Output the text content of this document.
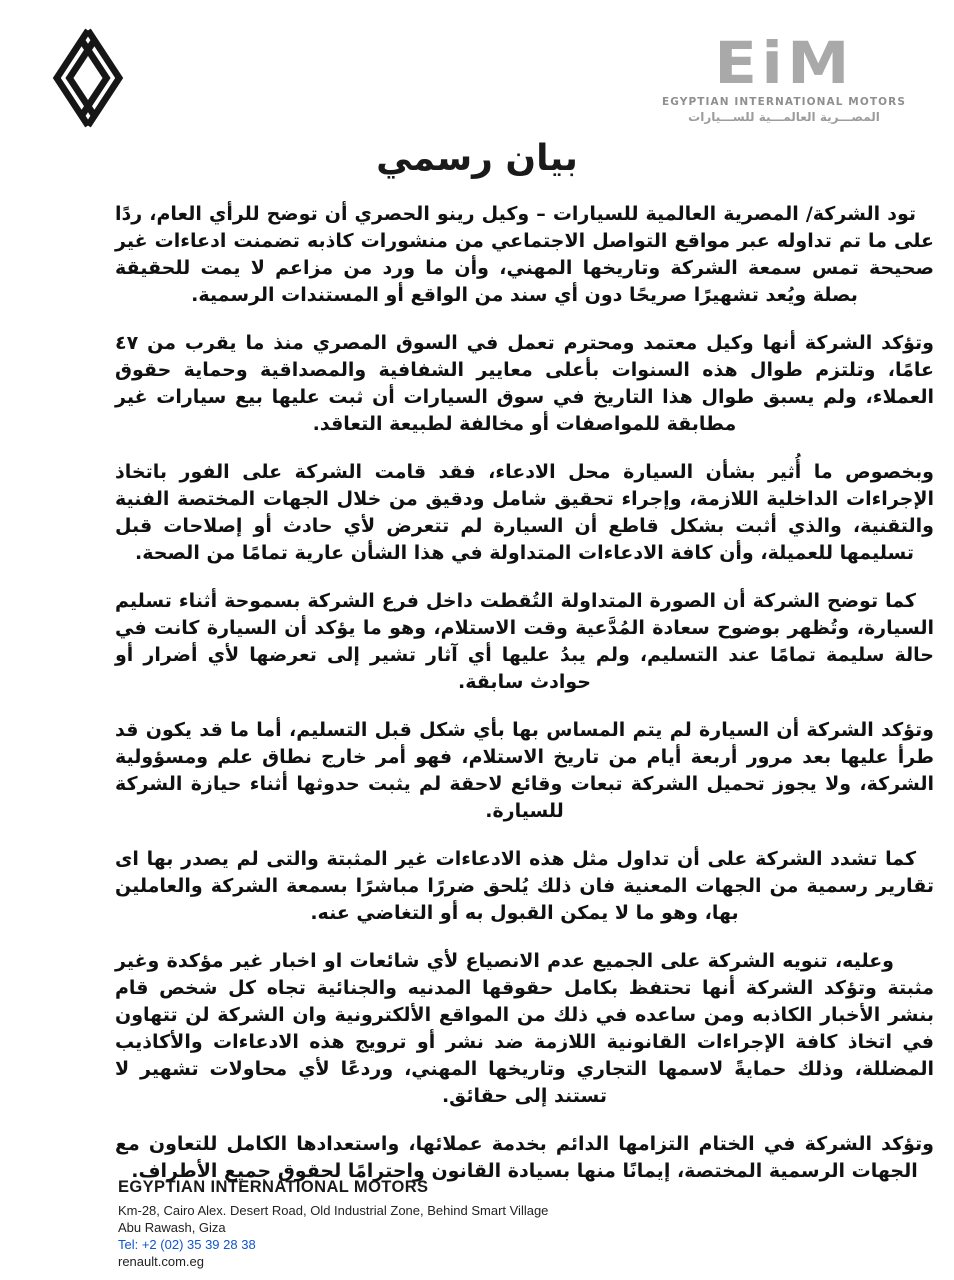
EiM
EGYPTIAN INTERNATIONAL MOTORS
المصـــرية العالمـــية للســـيارات
بيان رسمي

تود الشركة/ المصرية العالمية للسيارات – وكيل رينو الحصري أن توضح للرأي العام، ردًا على ما تم تداوله عبر مواقع التواصل الاجتماعي من منشورات كاذبه تضمنت ادعاءات غير صحيحة تمس سمعة الشركة وتاريخها المهني، وأن ما ورد من مزاعم لا يمت للحقيقة بصلة ويُعد تشهيرًا صريحًا دون أي سند من الواقع أو المستندات الرسمية.

وتؤكد الشركة أنها وكيل معتمد ومحترم تعمل في السوق المصري منذ ما يقرب من ٤٧ عامًا، وتلتزم طوال هذه السنوات بأعلى معايير الشفافية والمصداقية وحماية حقوق العملاء، ولم يسبق طوال هذا التاريخ في سوق السيارات أن ثبت عليها بيع سيارات غير مطابقة للمواصفات أو مخالفة لطبيعة التعاقد.

وبخصوص ما أُثير بشأن السيارة محل الادعاء، فقد قامت الشركة على الفور باتخاذ الإجراءات الداخلية اللازمة، وإجراء تحقيق شامل ودقيق من خلال الجهات المختصة الفنية والتقنية، والذي أثبت بشكل قاطع أن السيارة لم تتعرض لأي حادث أو إصلاحات قبل تسليمها للعميلة، وأن كافة الادعاءات المتداولة في هذا الشأن عارية تمامًا من الصحة.

كما توضح الشركة أن الصورة المتداولة التُقطت داخل فرع الشركة بسموحة أثناء تسليم السيارة، وتُظهر بوضوح سعادة المُدَّعية وقت الاستلام، وهو ما يؤكد أن السيارة كانت في حالة سليمة تمامًا عند التسليم، ولم يبدُ عليها أي آثار تشير إلى تعرضها لأي أضرار أو حوادث سابقة.

وتؤكد الشركة أن السيارة لم يتم المساس بها بأي شكل قبل التسليم، أما ما قد يكون قد طرأ عليها بعد مرور أربعة أيام من تاريخ الاستلام، فهو أمر خارج نطاق علم ومسؤولية الشركة، ولا يجوز تحميل الشركة تبعات وقائع لاحقة لم يثبت حدوثها أثناء حيازة الشركة للسيارة.

كما تشدد الشركة على أن تداول مثل هذه الادعاءات غير المثبتة والتى لم يصدر بها اى تقارير رسمية من الجهات المعنية فان ذلك يُلحق ضررًا مباشرًا بسمعة الشركة والعاملين بها، وهو ما لا يمكن القبول به أو التغاضي عنه.

وعليه، تنويه الشركة على الجميع عدم الانصياع لأي شائعات او اخبار غير مؤكدة وغير مثبتة وتؤكد الشركة أنها تحتفظ بكامل حقوقها المدنيه والجنائية تجاه كل شخص قام بنشر الأخبار الكاذبه ومن ساعده في ذلك من المواقع الألكترونية وان الشركة لن تتهاون في اتخاذ كافة الإجراءات القانونية اللازمة ضد نشر أو ترويج هذه الادعاءات والأكاذيب المضللة، وذلك حمايةً لاسمها التجاري وتاريخها المهني، وردعًا لأي محاولات تشهير لا تستند إلى حقائق.

وتؤكد الشركة في الختام التزامها الدائم بخدمة عملائها، واستعدادها الكامل للتعاون مع الجهات الرسمية المختصة، إيمانًا منها بسيادة القانون واحترامًا لحقوق جميع الأطراف.

EGYPTIAN INTERNATIONAL MOTORS
Km-28, Cairo Alex. Desert Road, Old Industrial Zone, Behind Smart Village
Abu Rawash, Giza
Tel: +2 (02) 35 39 28 38
renault.com.eg
